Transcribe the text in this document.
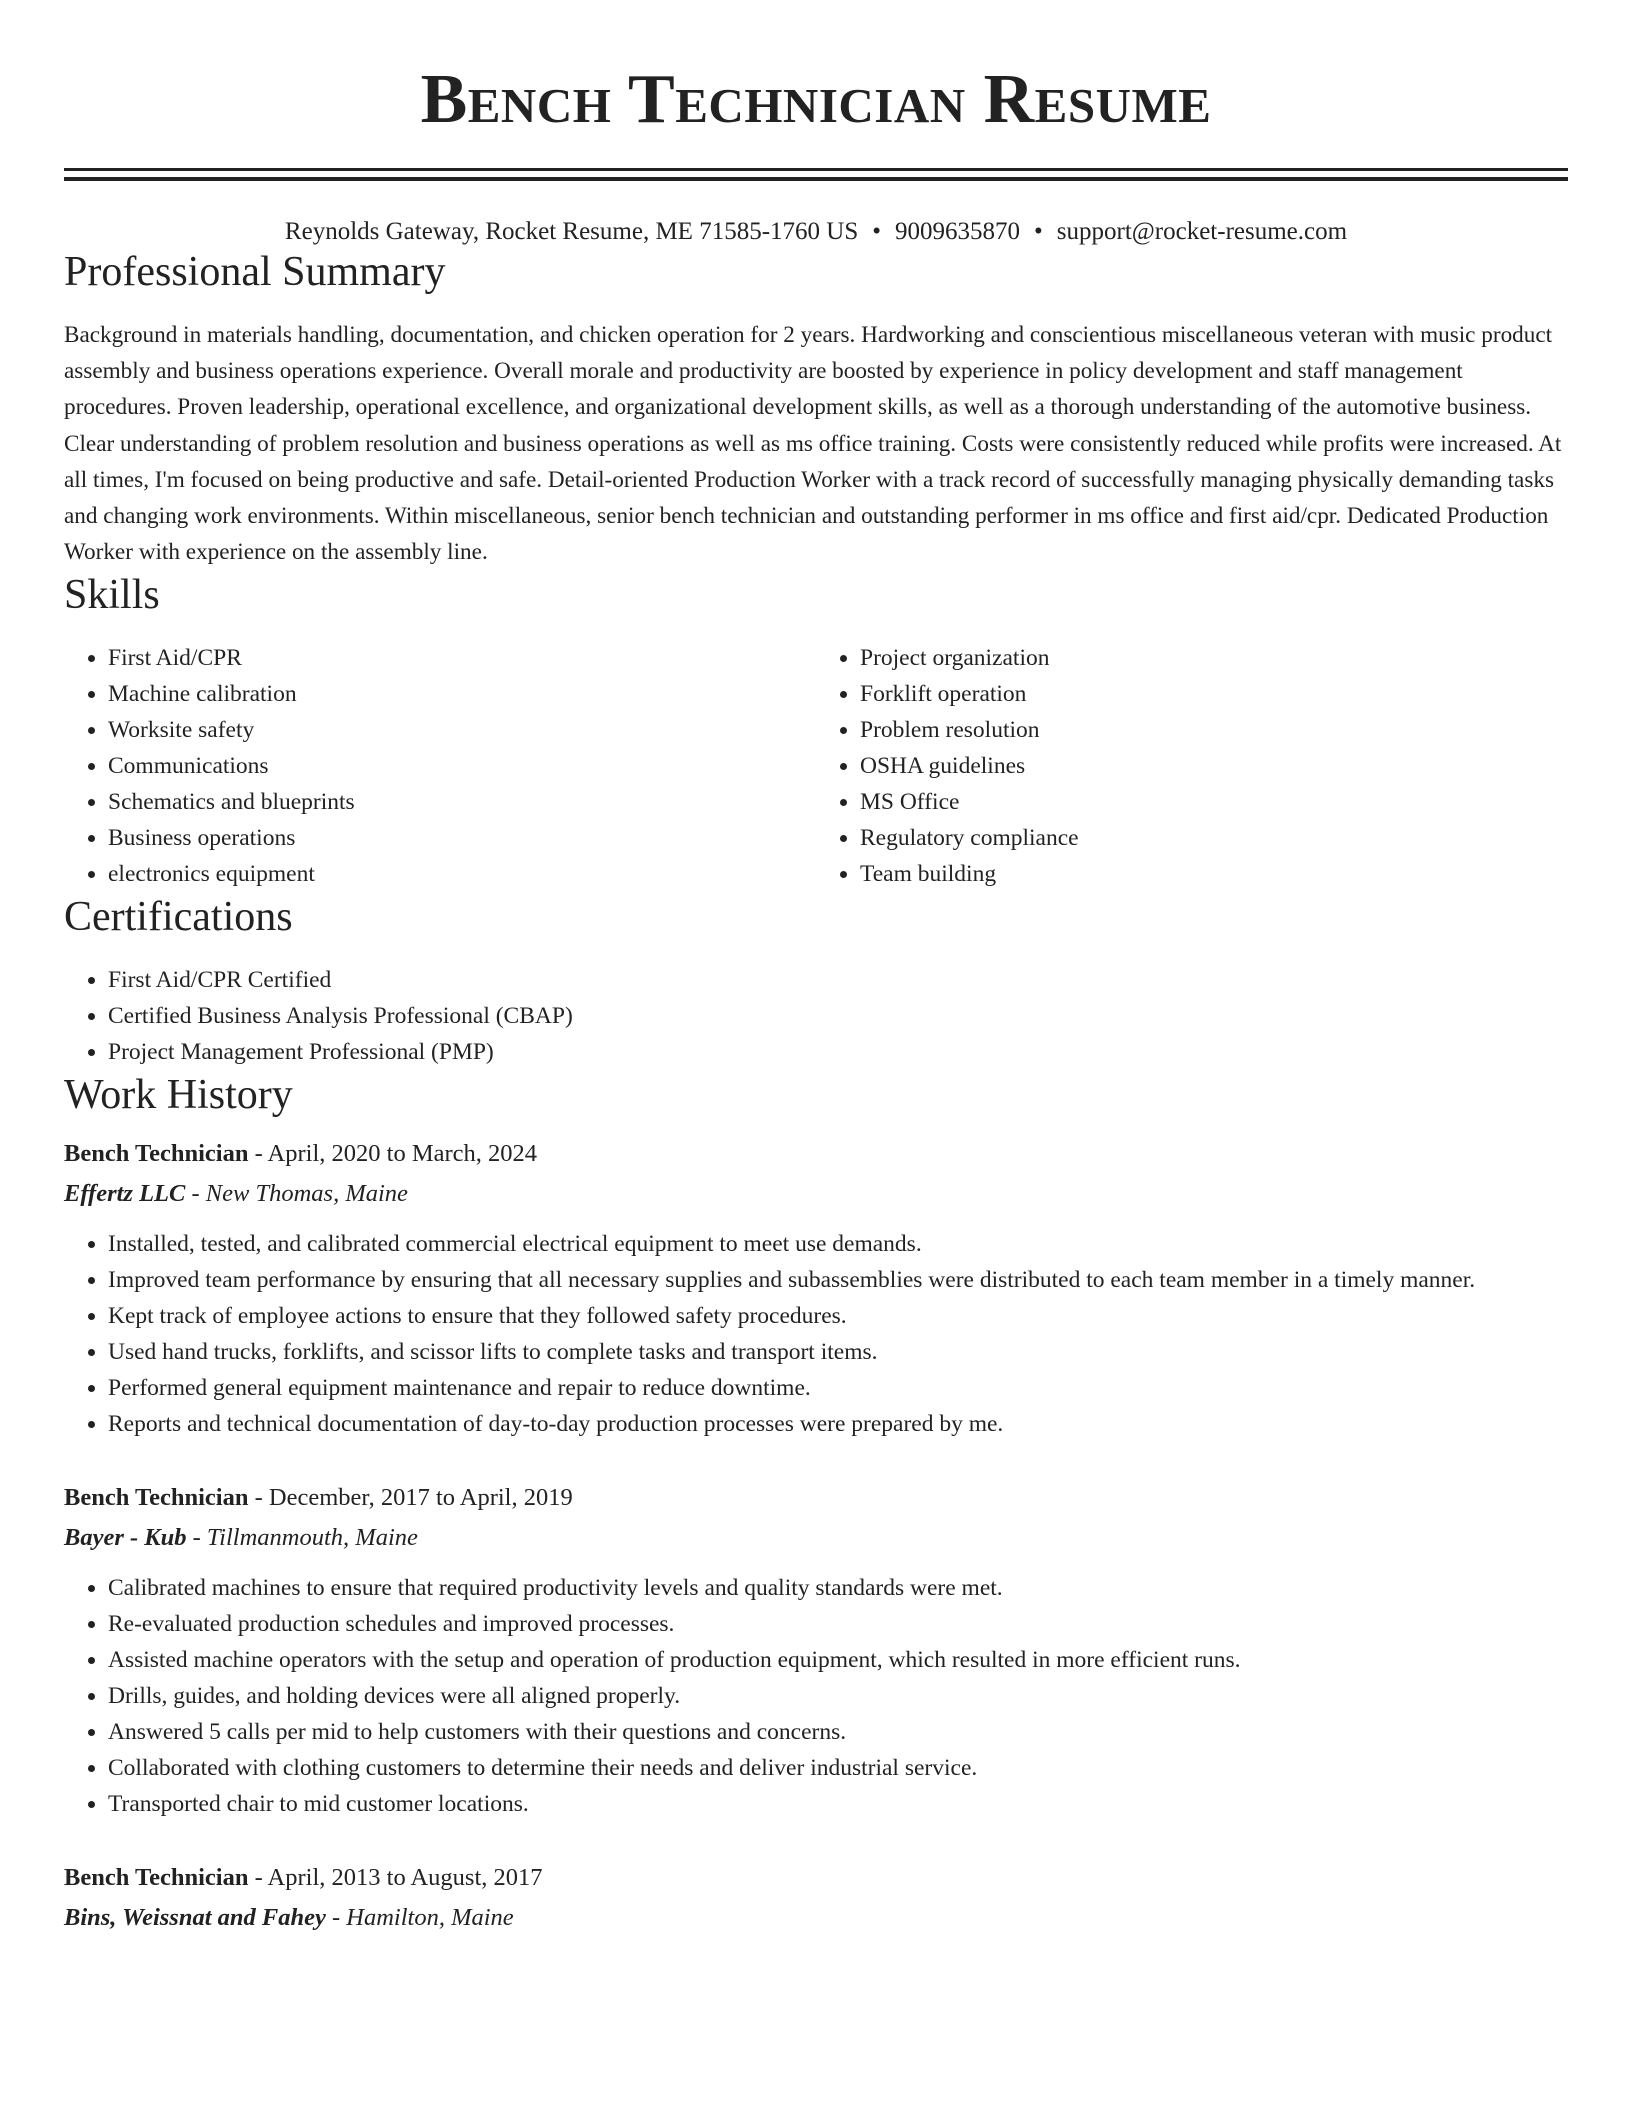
Bench Technician Resume
Reynolds Gateway, Rocket Resume, ME 71585-1760 US • 9009635870 • support@rocket-resume.com
Professional Summary

Background in materials handling, documentation, and chicken operation for 2 years. Hardworking and conscientious miscellaneous veteran with music product assembly and business operations experience. Overall morale and productivity are boosted by experience in policy development and staff management procedures. Proven leadership, operational excellence, and organizational development skills, as well as a thorough understanding of the automotive business. Clear understanding of problem resolution and business operations as well as ms office training. Costs were consistently reduced while profits were increased. At all times, I'm focused on being productive and safe. Detail-oriented Production Worker with a track record of successfully managing physically demanding tasks and changing work environments. Within miscellaneous, senior bench technician and outstanding performer in ms office and first aid/cpr. Dedicated Production Worker with experience on the assembly line.

Skills
• First Aid/CPR
• Machine calibration
• Worksite safety
• Communications
• Schematics and blueprints
• Business operations
• electronics equipment
• Project organization
• Forklift operation
• Problem resolution
• OSHA guidelines
• MS Office
• Regulatory compliance
• Team building
Certifications
• First Aid/CPR Certified
• Certified Business Analysis Professional (CBAP)
• Project Management Professional (PMP)
Work History
Bench Technician - April, 2020 to March, 2024
Effertz LLC - New Thomas, Maine
• Installed, tested, and calibrated commercial electrical equipment to meet use demands.
• Improved team performance by ensuring that all necessary supplies and subassemblies were distributed to each team member in a timely manner.
• Kept track of employee actions to ensure that they followed safety procedures.
• Used hand trucks, forklifts, and scissor lifts to complete tasks and transport items.
• Performed general equipment maintenance and repair to reduce downtime.
• Reports and technical documentation of day-to-day production processes were prepared by me.
Bench Technician - December, 2017 to April, 2019
Bayer - Kub - Tillmanmouth, Maine
• Calibrated machines to ensure that required productivity levels and quality standards were met.
• Re-evaluated production schedules and improved processes.
• Assisted machine operators with the setup and operation of production equipment, which resulted in more efficient runs.
• Drills, guides, and holding devices were all aligned properly.
• Answered 5 calls per mid to help customers with their questions and concerns.
• Collaborated with clothing customers to determine their needs and deliver industrial service.
• Transported chair to mid customer locations.
Bench Technician - April, 2013 to August, 2017
Bins, Weissnat and Fahey - Hamilton, Maine
